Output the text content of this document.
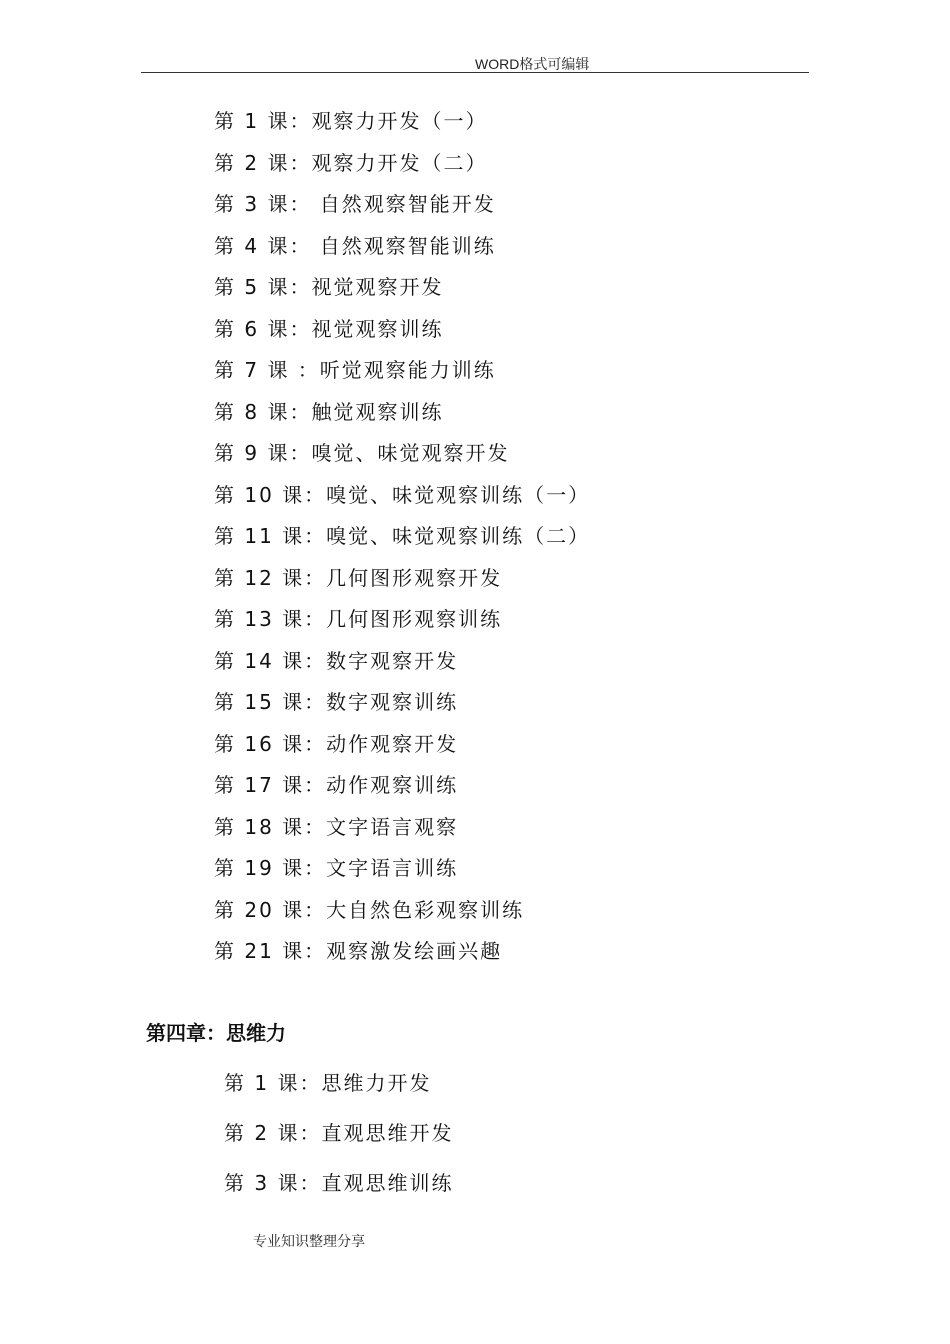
WORD格式可编辑
第 1 课：观察力开发（一）
第 2 课：观察力开发（二）
第 3 课： 自然观察智能开发
第 4 课： 自然观察智能训练
第 5 课：视觉观察开发
第 6 课：视觉观察训练
第 7 课 ：听觉观察能力训练
第 8 课：触觉观察训练
第 9 课：嗅觉、味觉观察开发
第 10 课：嗅觉、味觉观察训练（一）
第 11 课：嗅觉、味觉观察训练（二）
第 12 课：几何图形观察开发
第 13 课：几何图形观察训练
第 14 课：数字观察开发
第 15 课：数字观察训练
第 16 课：动作观察开发
第 17 课：动作观察训练
第 18 课：文字语言观察
第 19 课：文字语言训练
第 20 课：大自然色彩观察训练
第 21 课：观察激发绘画兴趣
第四章：思维力
第 1 课：思维力开发
第 2 课：直观思维开发
第 3 课：直观思维训练
专业知识整理分享
